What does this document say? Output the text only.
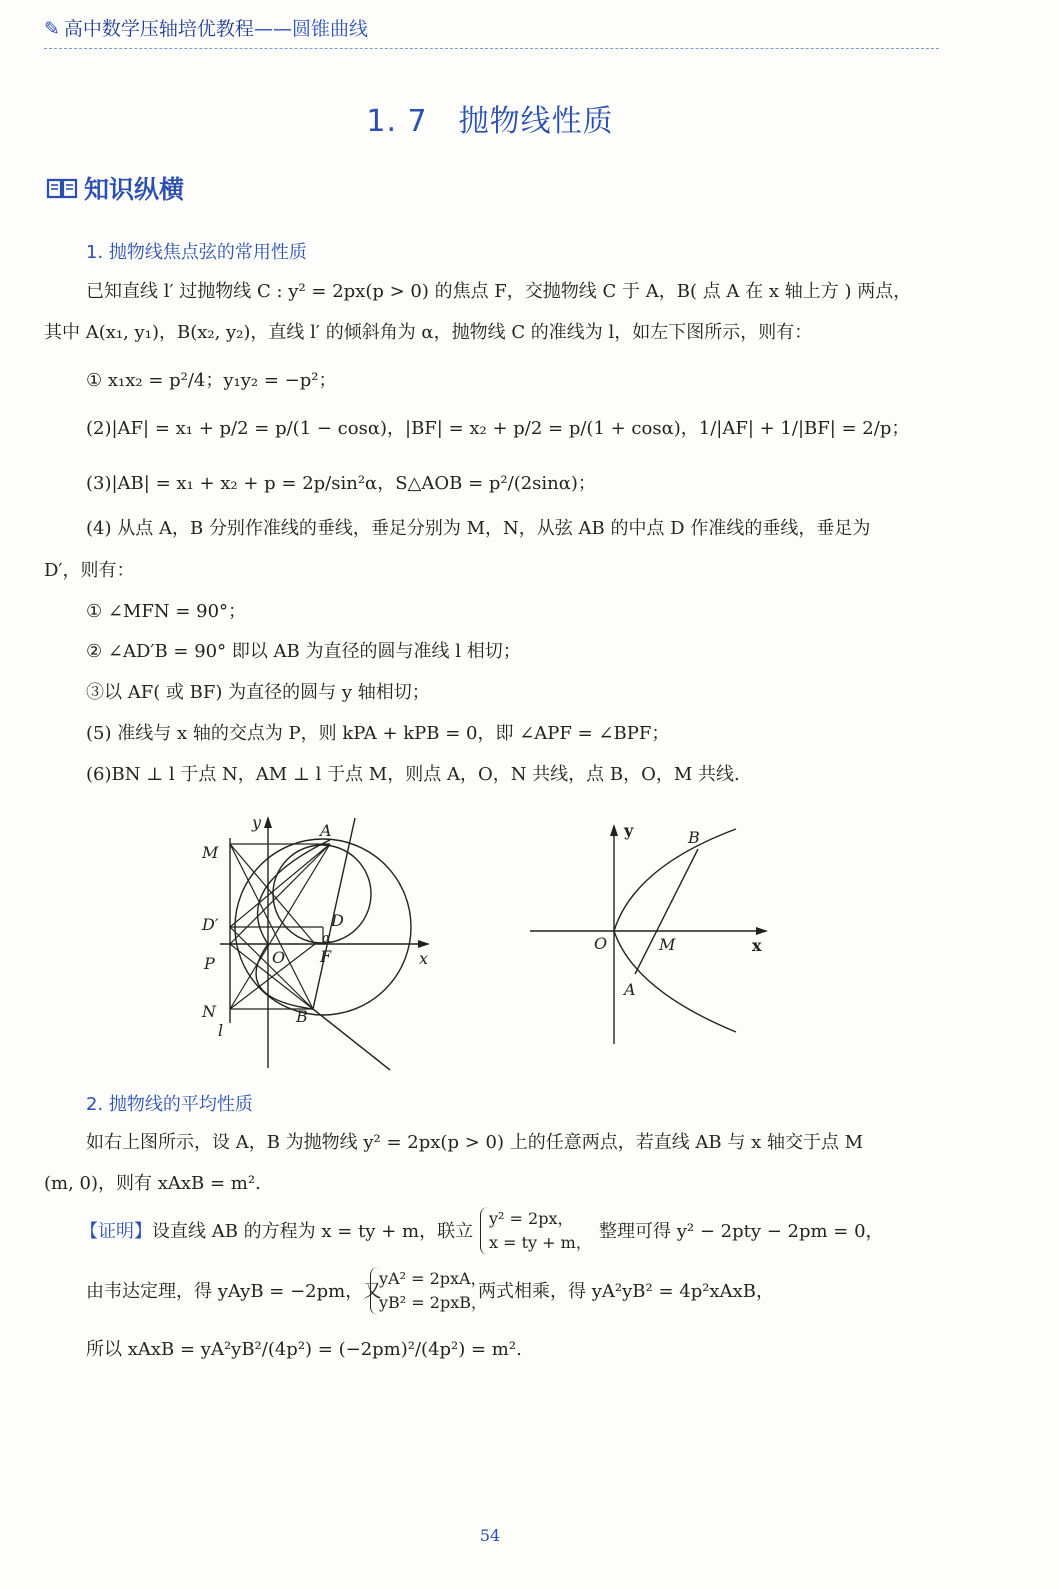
✎ 高中数学压轴培优教程——圆锥曲线
1. 7　抛物线性质
知识纵横
1. 抛物线焦点弦的常用性质
已知直线 l′ 过抛物线 C : y² = 2px(p > 0) 的焦点 F，交抛物线 C 于 A，B( 点 A 在 x 轴上方 ) 两点，
其中 A(x₁, y₁)，B(x₂, y₂)，直线 l′ 的倾斜角为 α，抛物线 C 的准线为 l，如左下图所示，则有：
① x₁x₂ = p²/4；y₁y₂ = −p²；
(2)|AF| = x₁ + p/2 = p/(1 − cosα)，|BF| = x₂ + p/2 = p/(1 + cosα)，1/|AF| + 1/|BF| = 2/p；
(3)|AB| = x₁ + x₂ + p = 2p/sin²α，S△AOB = p²/(2sinα)；
(4) 从点 A，B 分别作准线的垂线，垂足分别为 M，N，从弦 AB 的中点 D 作准线的垂线，垂足为
D′，则有：
① ∠MFN = 90°；
② ∠AD′B = 90° 即以 AB 为直径的圆与准线 l 相切；
③以 AF( 或 BF) 为直径的圆与 y 轴相切；
(5) 准线与 x 轴的交点为 P，则 kPA + kPB = 0，即 ∠APF = ∠BPF；
(6)BN ⊥ l 于点 N，AM ⊥ l 于点 M，则点 A，O，N 共线，点 B，O，M 共线.
y	A
M
D′	D
α
P	O F	x
N
l
B
y	B
O	M	x
A
2. 抛物线的平均性质
如右上图所示，设 A，B 为抛物线 y² = 2px(p > 0) 上的任意两点，若直线 AB 与 x 轴交于点 M
(m, 0)，则有 xAxB = m².
【证明】设直线 AB 的方程为 x = ty + m，联立
y² = 2px，
x = ty + m，
整理可得 y² − 2pty − 2pm = 0，
由韦达定理，得 yAyB = −2pm，又
yA² = 2pxA，
yB² = 2pxB，
两式相乘，得 yA²yB² = 4p²xAxB，
所以 xAxB = yA²yB²/(4p²) = (−2pm)²/(4p²) = m².
54
